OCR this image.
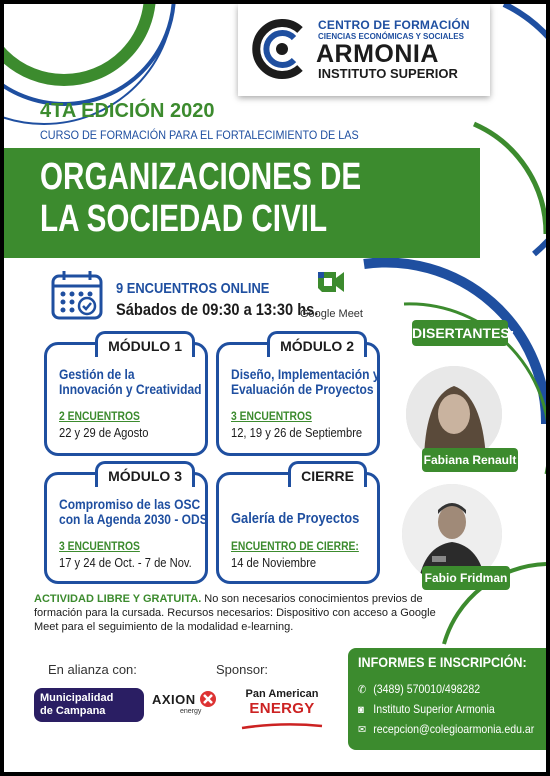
CENTRO DE FORMACIÓN
CIENCIAS ECONÓMICAS Y SOCIALES
ARMONIA
INSTITUTO SUPERIOR
4TA EDICIÓN 2020
CURSO DE FORMACIÓN PARA EL FORTALECIMIENTO DE LAS
ORGANIZACIONES DE
LA SOCIEDAD CIVIL
9 ENCUENTROS ONLINE
Sábados de 09:30 a 13:30 hs.
Google Meet
MÓDULO 1
Gestión de la
Innovación y Creatividad
2 ENCUENTROS
22 y 29 de Agosto
MÓDULO 2
Diseño, Implementación y
Evaluación de Proyectos
3 ENCUENTROS
12, 19 y 26 de Septiembre
MÓDULO 3
Compromiso de las OSC
con la Agenda 2030 - ODS
3 ENCUENTROS
17 y 24 de Oct. - 7 de Nov.
CIERRE
Galería de Proyectos
ENCUENTRO DE CIERRE:
14 de Noviembre
DISERTANTES:
Fabiana Renault
Fabio Fridman
ACTIVIDAD LIBRE Y GRATUITA. No son necesarios conocimientos previos de formación para la cursada. Recursos necesarios: Dispositivo con acceso a Google Meet para el seguimiento de la modalidad e-learning.
En alianza con:	Sponsor:
Municipalidad
de Campana
AXION
energy
Pan American
ENERGY
INFORMES E INSCRIPCIÓN:
✆ (3489) 570010/498282
◙ Instituto Superior Armonia
✉ recepcion@colegioarmonia.edu.ar
